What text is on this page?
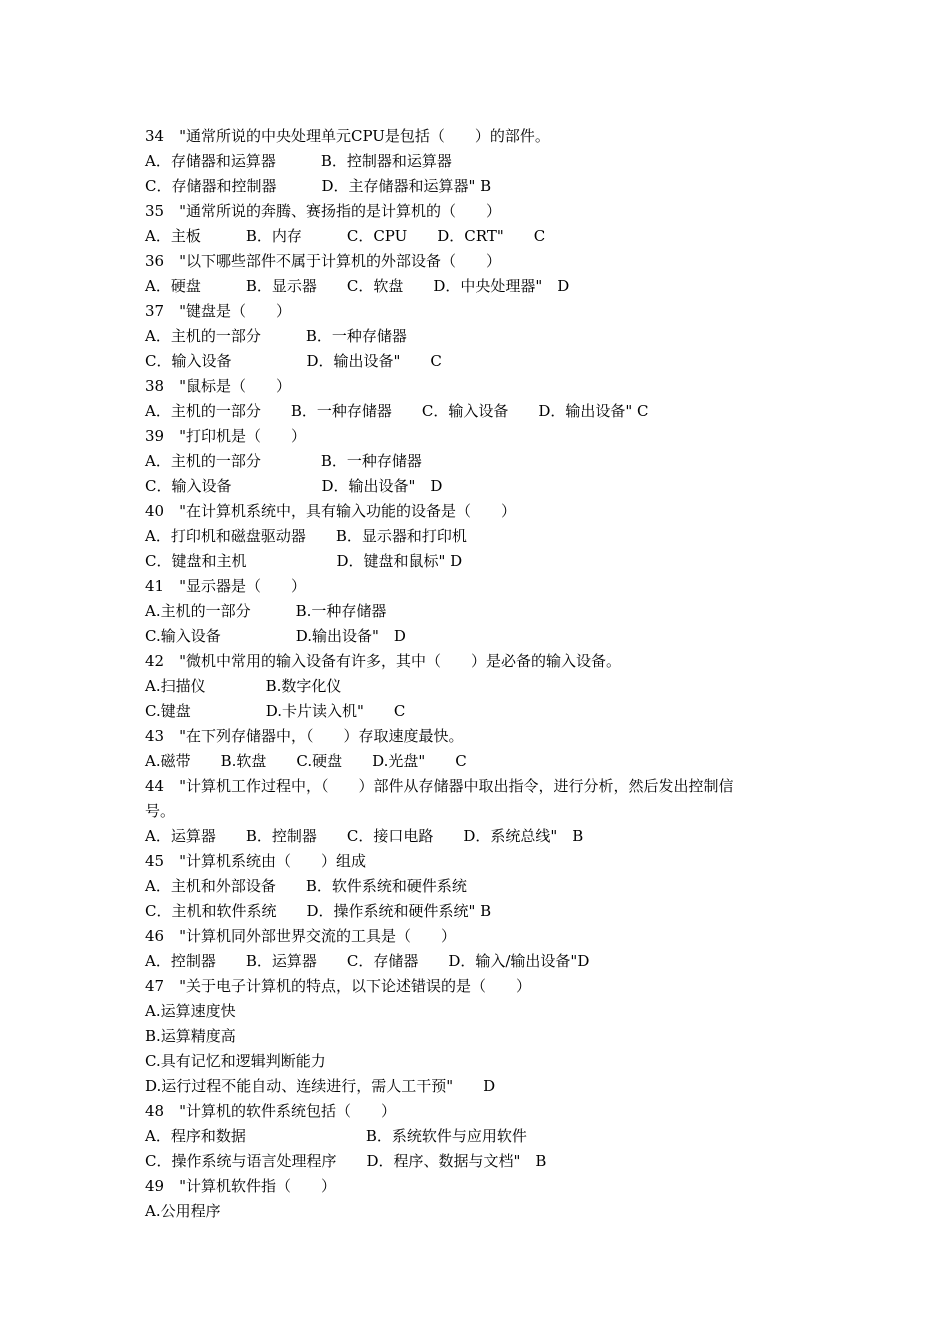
34　"通常所说的中央处理单元CPU是包括（　　）的部件。
A．存储器和运算器　　　B．控制器和运算器
C．存储器和控制器　　　D．主存储器和运算器" B
35　"通常所说的奔腾、赛扬指的是计算机的（　　）
A．主板　　　B．内存　　　C．CPU　　D．CRT"　　C
36　"以下哪些部件不属于计算机的外部设备（　　）
A．硬盘　　　B．显示器　　C．软盘　　D．中央处理器"　D
37　"键盘是（　　）
A．主机的一部分　　　B．一种存储器
C．输入设备　　　　　D．输出设备"　　C
38　"鼠标是（　　）
A．主机的一部分　　B．一种存储器　　C．输入设备　　D．输出设备" C
39　"打印机是（　　）
A．主机的一部分　　　　B．一种存储器
C．输入设备　　　　　　D．输出设备"　D
40　"在计算机系统中，具有输入功能的设备是（　　）
A．打印机和磁盘驱动器　　B．显示器和打印机
C．键盘和主机　　　　　　D．键盘和鼠标" D
41　"显示器是（　　）
A.主机的一部分　　　B.一种存储器
C.输入设备　　　　　D.输出设备"　D
42　"微机中常用的输入设备有许多，其中（　　）是必备的输入设备。
A.扫描仪　　　　B.数字化仪
C.键盘　　　　　D.卡片读入机"　　C
43　"在下列存储器中，（　　）存取速度最快。
A.磁带　　B.软盘　　C.硬盘　　D.光盘"　　C
44　"计算机工作过程中，（　　）部件从存储器中取出指令，进行分析，然后发出控制信
号。
A．运算器　　B．控制器　　C．接口电路　　D．系统总线"　B
45　"计算机系统由（　　）组成
A．主机和外部设备　　B．软件系统和硬件系统
C．主机和软件系统　　D．操作系统和硬件系统" B
46　"计算机同外部世界交流的工具是（　　）
A．控制器　　B．运算器　　C．存储器　　D．输入/输出设备"D
47　"关于电子计算机的特点，以下论述错误的是（　　）
A.运算速度快
B.运算精度高
C.具有记忆和逻辑判断能力
D.运行过程不能自动、连续进行，需人工干预"　　D
48　"计算机的软件系统包括（　　）
A．程序和数据　　　　　　　　B．系统软件与应用软件
C．操作系统与语言处理程序　　D．程序、数据与文档"　B
49　"计算机软件指（　　）
A.公用程序
